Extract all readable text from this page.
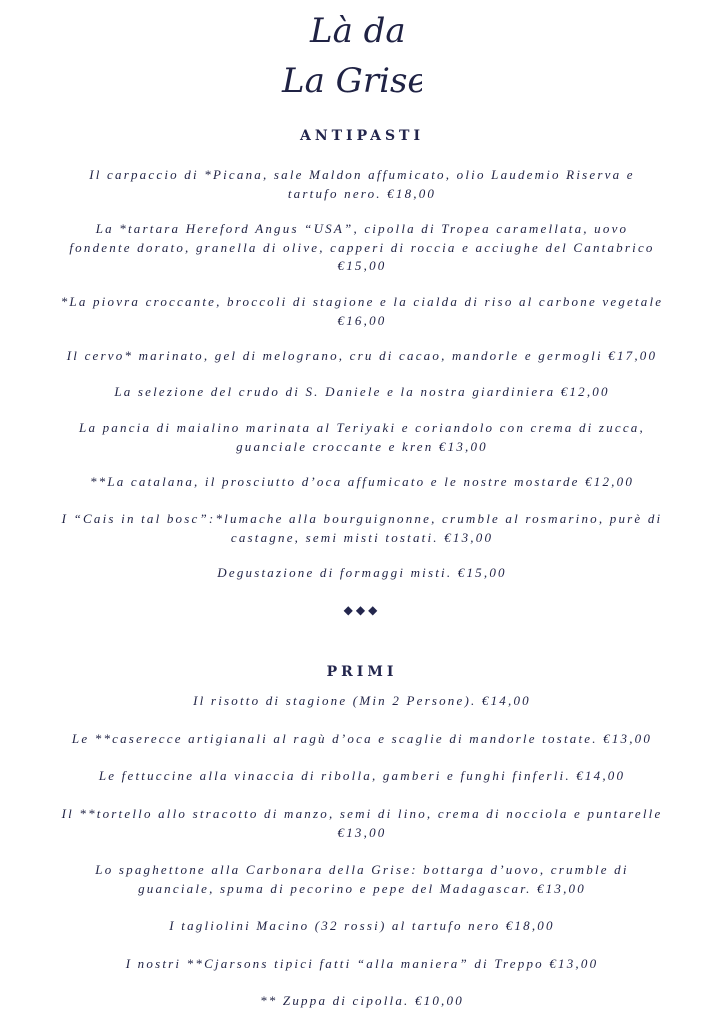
Là da
La Grise
ANTIPASTI
Il carpaccio di *Picana, sale Maldon affumicato, olio Laudemio Riserva e
tartufo nero. €18,00
La *tartara Hereford Angus “USA”, cipolla di Tropea caramellata, uovo
fondente dorato, granella di olive, capperi di roccia e acciughe del Cantabrico
€15,00
*La piovra croccante, broccoli di stagione e la cialda di riso al carbone vegetale
€16,00
Il cervo* marinato, gel di melograno, cru di cacao, mandorle e germogli €17,00
La selezione del crudo di S. Daniele e la nostra giardiniera €12,00
La pancia di maialino marinata al Teriyaki e coriandolo con crema di zucca,
guanciale croccante e kren €13,00
**La catalana, il prosciutto d’oca affumicato e le nostre mostarde €12,00
I “Cais in tal bosc”:*lumache alla bourguignonne, crumble al rosmarino, purè di
castagne, semi misti tostati. €13,00
Degustazione di formaggi misti. €15,00
◆◆◆
PRIMI
Il risotto di stagione (Min 2 Persone). €14,00
Le **caserecce artigianali al ragù d’oca e scaglie di mandorle tostate. €13,00
Le fettuccine alla vinaccia di ribolla, gamberi e funghi finferli. €14,00
Il **tortello allo stracotto di manzo, semi di lino, crema di nocciola e puntarelle
€13,00
Lo spaghettone alla Carbonara della Grise: bottarga d’uovo, crumble di
guanciale, spuma di pecorino e pepe del Madagascar. €13,00
I tagliolini Macino (32 rossi) al tartufo nero €18,00
I nostri **Cjarsons tipici fatti “alla maniera” di Treppo €13,00
** Zuppa di cipolla. €10,00
